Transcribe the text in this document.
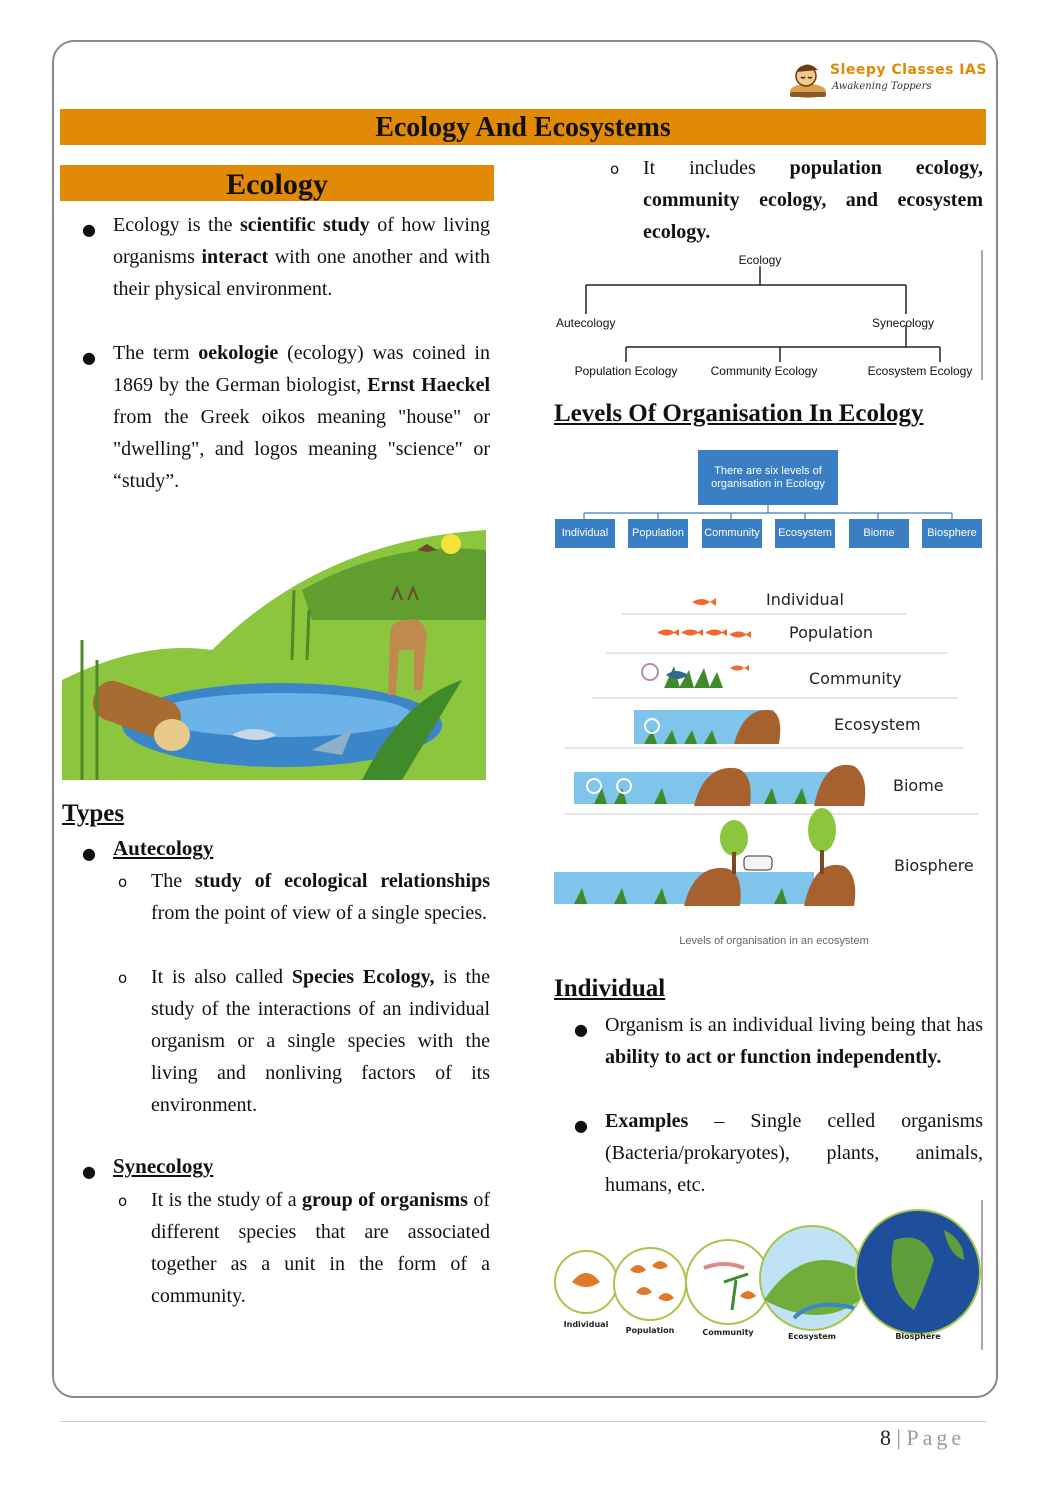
Sleepy Classes IAS
Awakening Toppers
Ecology And Ecosystems
Ecology
● Ecology is the scientific study of how living organisms interact with one another and with their physical environment.

● The term oekologie (ecology) was coined in 1869 by the German biologist, Ernst Haeckel from the Greek oikos meaning "house" or "dwelling", and logos meaning "science" or “study”.

Types
● Autecology
o The study of ecological relationships from the point of view of a single species.

o It is also called Species Ecology, is the study of the interactions of an individual organism or a single species with the living and nonliving factors of its environment.

● Synecology
o It is the study of a group of organisms of different species that are associated together as a unit in the form of a community.

o It includes population ecology, community ecology, and ecosystem ecology.

Ecology
Autecology	Synecology
Population Ecology	Community Ecology	Ecosystem Ecology
Levels Of Organisation In Ecology
There are six levels of organisation in Ecology
Individual	Population	Community Ecosystem	Biome	Biosphere
Individual
Population
Community
Ecosystem
Biome
Biosphere
Levels of organisation in an ecosystem
Individual
● Organism is an individual living being that has ability to act or function independently.

● Examples – Single celled organisms (Bacteria/prokaryotes), plants, animals, humans, etc.

Individual
Population	Community	Ecosystem	Biosphere
8 | Page
